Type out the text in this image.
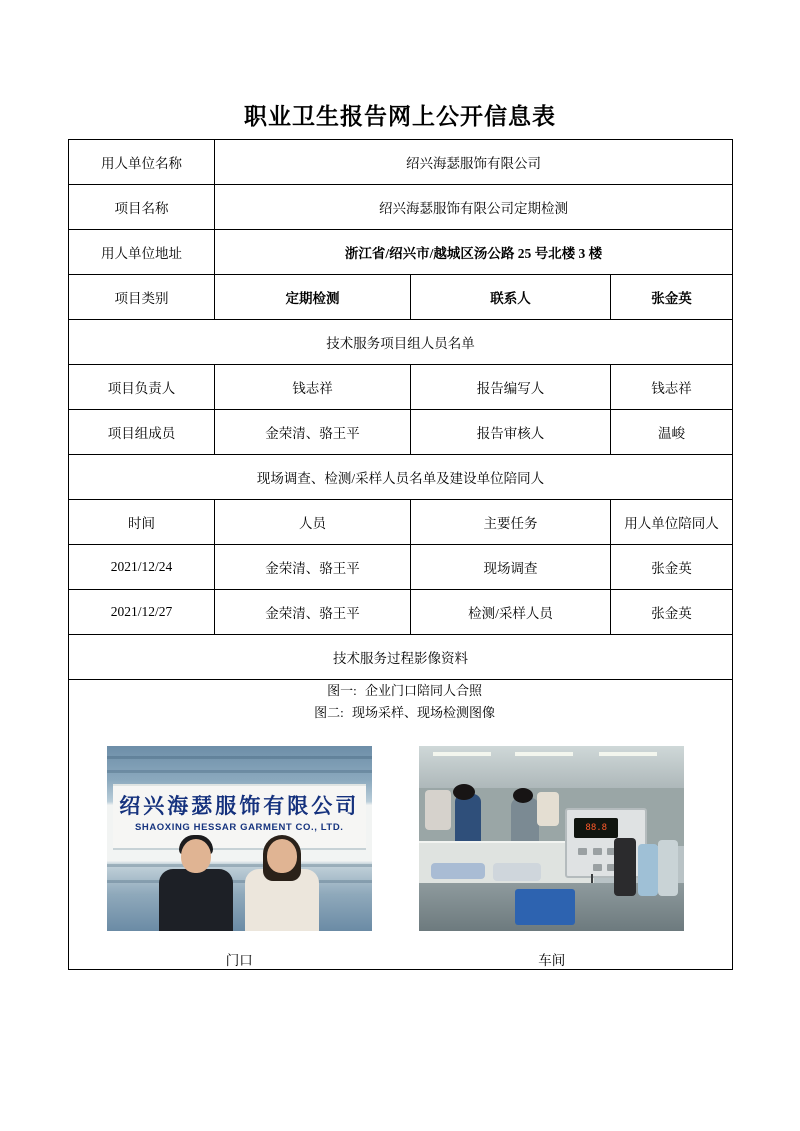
职业卫生报告网上公开信息表
用人单位名称	绍兴海瑟服饰有限公司		
项目名称	绍兴海瑟服饰有限公司定期检测		
用人单位地址	浙江省/绍兴市/越城区汤公路 25 号北楼 3 楼		
项目类别	定期检测	联系人	张金英
技术服务项目组人员名单			
项目负责人	钱志祥	报告编写人	钱志祥
项目组成员	金荣清、骆王平	报告审核人	温峻
现场调查、检测/采样人员名单及建设单位陪同人			
时间	人员	主要任务	用人单位陪同人
2021/12/24	金荣清、骆王平	现场调查	张金英
2021/12/27	金荣清、骆王平	检测/采样人员	张金英
技术服务过程影像资料			

图一: 企业门口陪同人合照
图二: 现场采样、现场检测图像
绍兴海瑟服饰有限公司
SHAOXING HESSAR GARMENT CO., LTD.
门口
88.8

车间
